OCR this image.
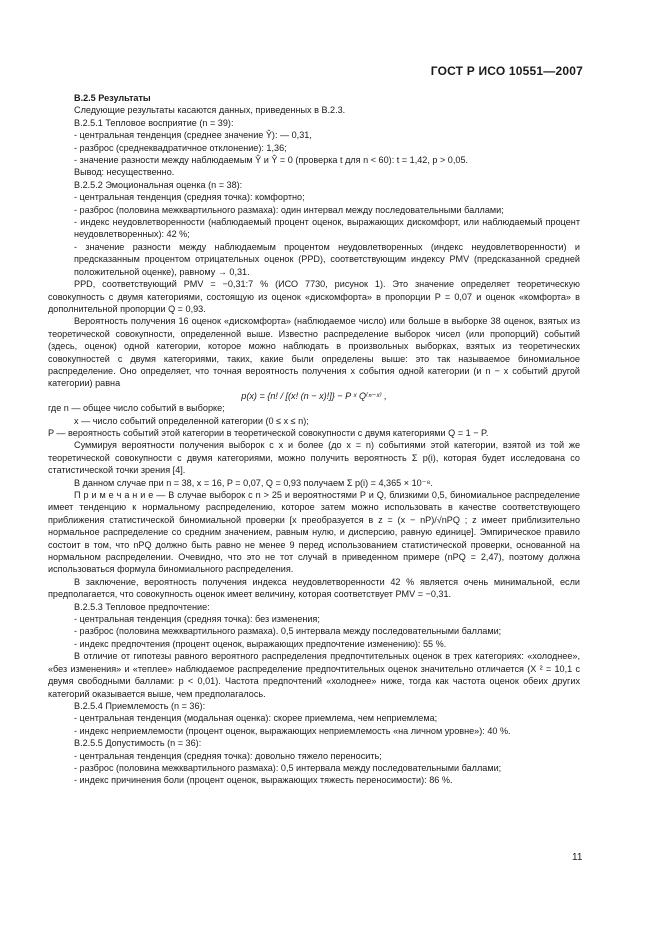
ГОСТ Р ИСО 10551—2007

В.2.5 Результаты

Следующие результаты касаются данных, приведенных в В.2.3.

В.2.5.1 Тепловое восприятие (n = 39):

- центральная тенденция (среднее значение Ŷ): — 0,31,

- разброс (среднеквадратичное отклонение): 1,36;

- значение разности между наблюдаемым Ŷ и Ŷ = 0 (проверка t для n < 60): t = 1,42, p > 0,05.

Вывод: несущественно.

В.2.5.2 Эмоциональная оценка (n = 38):

- центральная тенденция (средняя точка): комфортно;

- разброс (половина межквартильного размаха): один интервал между последовательными баллами;

- индекс неудовлетворенности (наблюдаемый процент оценок, выражающих дискомфорт, или наблюдаемый процент неудовлетворенных): 42 %;

- значение разности между наблюдаемым процентом неудовлетворенных (индекс неудовлетворенности) и предсказанным процентом отрицательных оценок (PPD), соответствующим индексу PMV (предсказанной средней положительной оценке), равному → 0,31.

PPD, соответствующий PMV = −0,31:7 % (ИСО 7730, рисунок 1). Это значение определяет теоретическую совокупность с двумя категориями, состоящую из оценок «дискомфорта» в пропорции P = 0,07 и оценок «комфорта» в дополнительной пропорции Q = 0,93.

Вероятность получения 16 оценок «дискомфорта» (наблюдаемое число) или больше в выборке 38 оценок, взятых из теоретической совокупности, определенной выше. Известно распределение выборок чисел (или пропорций) событий (здесь, оценок) одной категории, которое можно наблюдать в произвольных выборках, взятых из теоретических совокупностей с двумя категориями, таких, какие были определены выше: это так называемое биномиальное распределение. Оно определяет, что точная вероятность получения x события одной категории (и n − x событий другой категории) равна

p(x) = {n! / [(x! (n − x)!]} − P ˣ Q⁽ⁿ⁻ˣ⁾ ,

где n — общее число событий в выборке;

x — число событий определенной категории (0 ≤ x ≤ n);

P — вероятность событий этой категории в теоретической совокупности с двумя категориями Q = 1 − P.

Суммируя вероятности получения выборок с x и более (до x = n) событиями этой категории, взятой из той же теоретической совокупности с двумя категориями, можно получить вероятность Σ p(i), которая будет исследована со статистической точки зрения [4].

В данном случае при n = 38, x = 16, P = 0,07, Q = 0,93 получаем Σ p(i) = 4,365 × 10⁻⁸.

П р и м е ч а н и е — В случае выборок с n > 25 и вероятностями P и Q, близкими 0,5, биномиальное распределение имеет тенденцию к нормальному распределению, которое затем можно использовать в качестве соответствующего приближения статистической биномиальной проверки [x преобразуется в z = (x − nP)/√nPQ ; z имеет приблизительно нормальное распределение со средним значением, равным нулю, и дисперсию, равную единице]. Эмпирическое правило состоит в том, что nPQ должно быть равно не менее 9 перед использованием статистической проверки, основанной на нормальном распределении. Очевидно, что это не тот случай в приведенном примере (nPQ = 2,47), поэтому должна использоваться формула биномиального распределения.

В заключение, вероятность получения индекса неудовлетворенности 42 % является очень минимальной, если предполагается, что совокупность оценок имеет величину, которая соответствует PMV = −0,31.

В.2.5.3 Тепловое предпочтение:

- центральная тенденция (средняя точка): без изменения;

- разброс (половина межквартильного размаха). 0,5 интервала между последовательными баллами;

- индекс предпочтения (процент оценок, выражающих предпочтение изменению): 55 %.

В отличие от гипотезы равного вероятного распределения предпочтительных оценок в трех категориях: «холоднее», «без изменения» и «теплее» наблюдаемое распределение предпочтительных оценок значительно отличается (X ² = 10,1 с двумя свободными баллами: p < 0,01). Частота предпочтений «холоднее» ниже, тогда как частота оценок обеих других категорий оказывается выше, чем предполагалось.

В.2.5.4 Приемлемость (n = 36):

- центральная тенденция (модальная оценка): скорее приемлема, чем неприемлема;

- индекс неприемлемости (процент оценок, выражающих неприемлемость «на личном уровне»): 40 %.

В.2.5.5 Допустимость (n = 36):

- центральная тенденция (средняя точка): довольно тяжело переносить;

- разброс (половина межквартильного размаха): 0,5 интервала между последовательными баллами;

- индекс причинения боли (процент оценок, выражающих тяжесть переносимости): 86 %.

11
